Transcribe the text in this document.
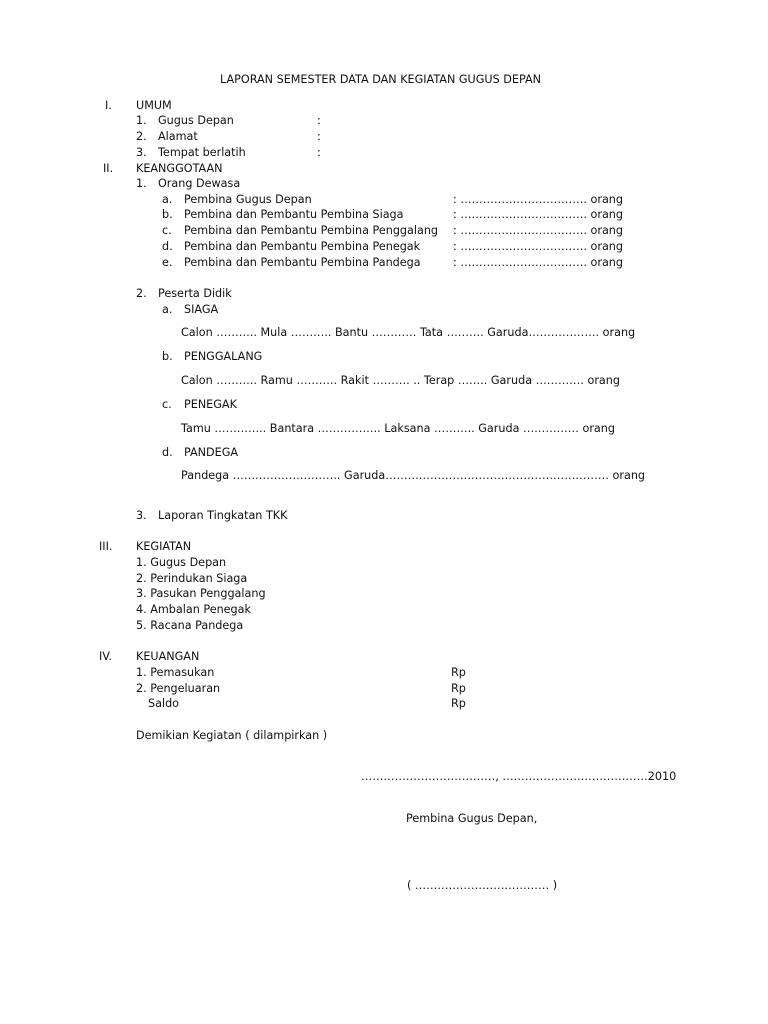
LAPORAN SEMESTER DATA DAN KEGIATAN GUGUS DEPAN
I. UMUM
1. Gugus Depan	:
2. Alamat	:
3. Tempat berlatih	:
II. KEANGGOTAAN
1. Orang Dewasa
a. Pembina Gugus Depan	: ……………………………. orang
b. Pembina dan Pembantu Pembina Siaga	: ……………………………. orang
c. Pembina dan Pembantu Pembina Penggalang : ……………………………. orang
d. Pembina dan Pembantu Pembina Penegak	: ……………………………. orang
e. Pembina dan Pembantu Pembina Pandega	: ……………………………. orang
2. Peserta Didik
a. SIAGA
Calon ……….. Mula ……….. Bantu ………… Tata ………. Garuda………………. orang
b. PENGGALANG
Calon ……….. Ramu ……….. Rakit ………. .. Terap …….. Garuda …………. orang
c. PENEGAK
Tamu ………….. Bantara …………….. Laksana ……….. Garuda …………… orang
d. PANDEGA
Pandega ……………………….. Garuda…………………………………………………… orang
3. Laporan Tingkatan TKK
III. KEGIATAN
1. Gugus Depan
2. Perindukan Siaga
3. Pasukan Penggalang
4. Ambalan Penegak
5. Racana Pandega
IV. KEUANGAN
1. Pemasukan	Rp
2. Pengeluaran	Rp
Saldo	Rp
Demikian Kegiatan ( dilampirkan )
………………………………, …………………………………2010
Pembina Gugus Depan,
( ……………………………… )
